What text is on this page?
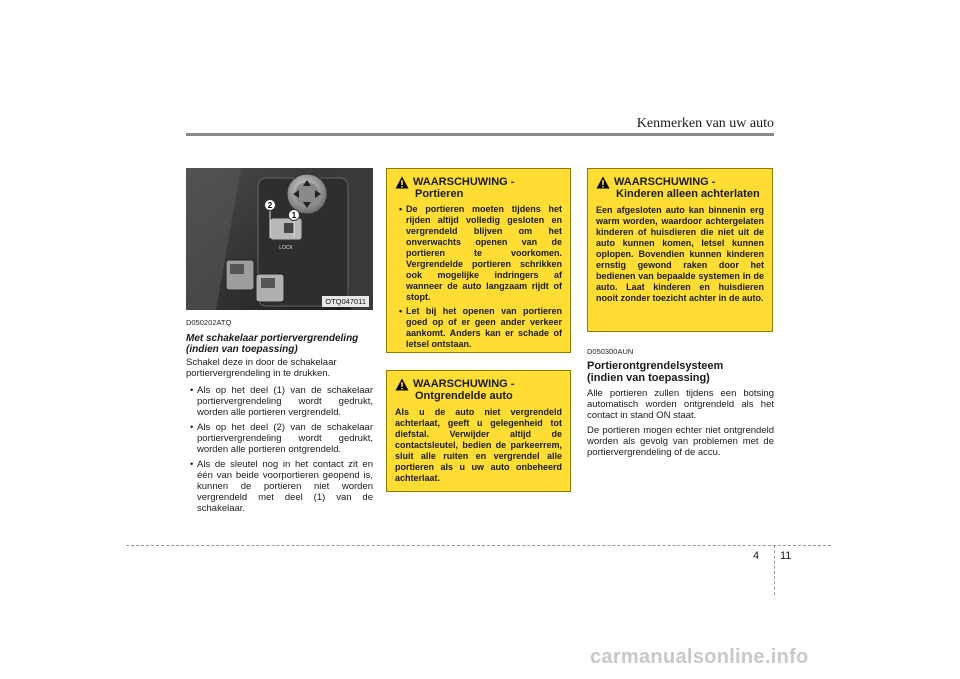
Kenmerken van uw auto
2
1
LOCK
OTQ047011
D050202ATQ
Met schakelaar portiervergrendeling (indien van toepassing)

Schakel deze in door de schakelaar portiervergrendeling in te drukken.

• Als op het deel (1) van de schakelaar portiervergrendeling wordt gedrukt, worden alle portieren vergrendeld.
• Als op het deel (2) van de schakelaar portiervergrendeling wordt gedrukt, worden alle portieren ontgrendeld.
• Als de sleutel nog in het contact zit en één van beide voorportieren geopend is, kunnen de portieren niet worden vergrendeld met deel (1) van de schakelaar.
WAARSCHUWING -
Portieren
• De portieren moeten tijdens het rijden altijd volledig gesloten en vergrendeld blijven om het onverwachts openen van de portieren te voorkomen. Vergrendelde portieren schrikken ook mogelijke indringers af wanneer de auto langzaam rijdt of stopt.
• Let bij het openen van portieren goed op of er geen ander verkeer aankomt. Anders kan er schade of letsel ontstaan.
WAARSCHUWING -
Ontgrendelde auto
Als u de auto niet vergrendeld achterlaat, geeft u gelegenheid tot diefstal. Verwijder altijd de contactsleutel, bedien de parkeerrem, sluit alle ruiten en vergrendel alle portieren als u uw auto onbeheerd achterlaat.
WAARSCHUWING -
Kinderen alleen achterlaten
Een afgesloten auto kan binnenin erg warm worden, waardoor achtergelaten kinderen of huisdieren die niet uit de auto kunnen komen, letsel kunnen oplopen. Bovendien kunnen kinderen ernstig gewond raken door het bedienen van bepaalde systemen in de auto. Laat kinderen en huisdieren nooit zonder toezicht achter in de auto.
D050300AUN
Portierontgrendelsysteem
(indien van toepassing)

Alle portieren zullen tijdens een botsing automatisch worden ontgrendeld als het contact in stand ON staat.

De portieren mogen echter niet ontgrendeld worden als gevolg van problemen met de portiervergrendeling of de accu.

4 11
carmanualsonline.info
